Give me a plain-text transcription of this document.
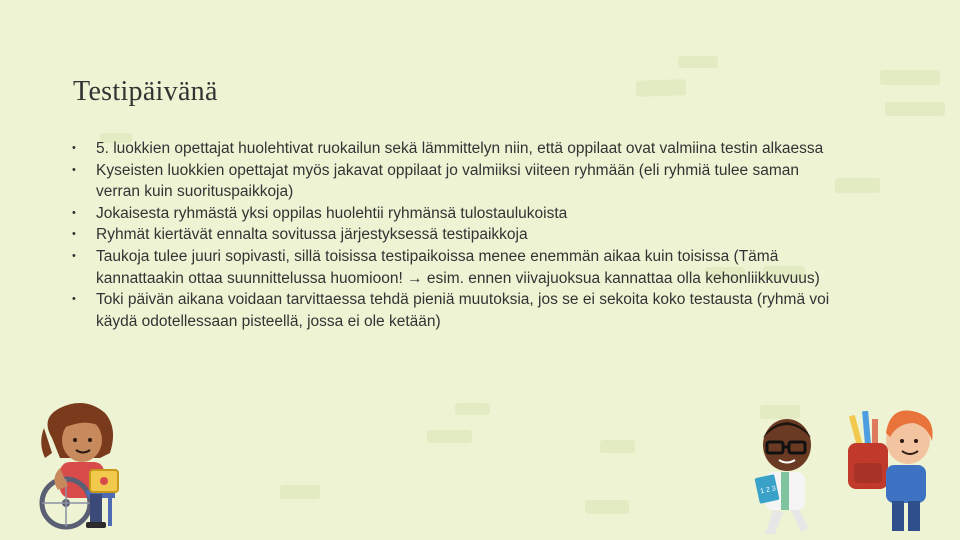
Testipäivänä
•	5. luokkien opettajat huolehtivat ruokailun sekä lämmittelyn niin, että oppilaat ovat valmiina testin alkaessa
•	Kyseisten luokkien opettajat myös jakavat oppilaat jo valmiiksi viiteen ryhmään (eli ryhmiä tulee saman verran kuin suorituspaikkoja)
•	Jokaisesta ryhmästä yksi oppilas huolehtii ryhmänsä tulostaulukoista
•	Ryhmät kiertävät ennalta sovitussa järjestyksessä testipaikkoja
•	Taukoja tulee juuri sopivasti, sillä toisissa testipaikoissa menee enemmän aikaa kuin toisissa (Tämä kannattaakin ottaa suunnittelussa huomioon! → esim. ennen viivajuoksua kannattaa olla kehonliikkuvuus)
•	Toki päivän aikana voidaan tarvittaessa tehdä pieniä muutoksia, jos se ei sekoita koko testausta (ryhmä voi käydä odotellessaan pisteellä, jossa ei ole ketään)
1 2 3
